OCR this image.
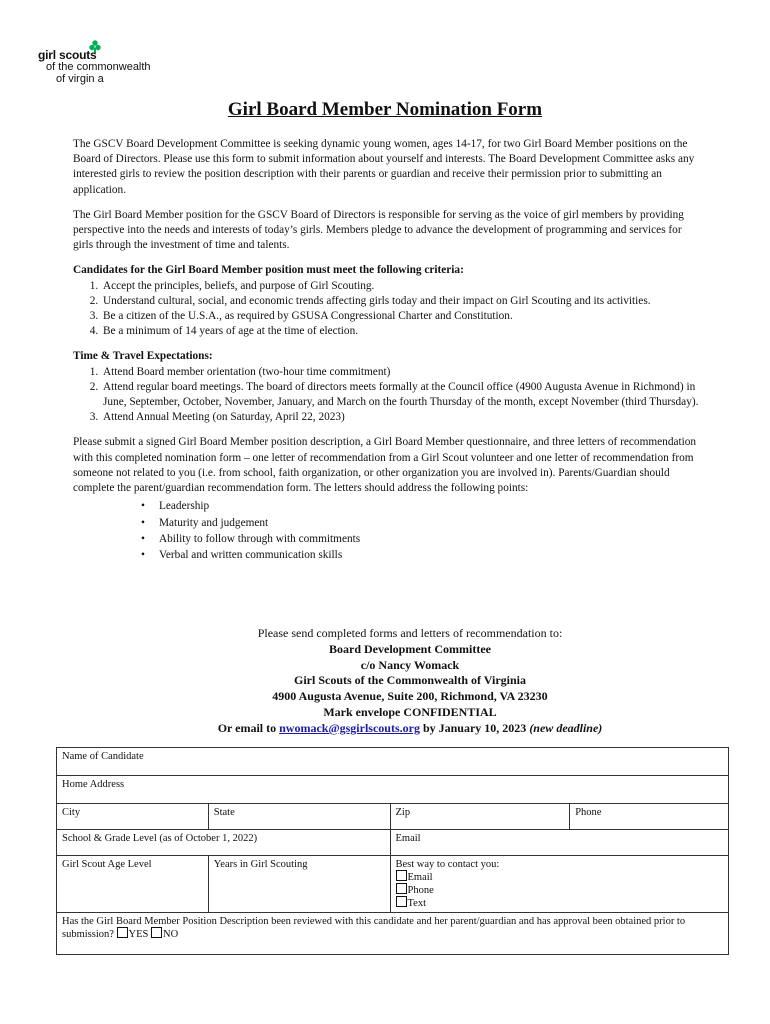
girl scouts
of the commonwealth
of virgin a
Girl Board Member Nomination Form

The GSCV Board Development Committee is seeking dynamic young women, ages 14-17, for two Girl Board Member positions on the Board of Directors. Please use this form to submit information about yourself and interests. The Board Development Committee asks any interested girls to review the position description with their parents or guardian and receive their permission prior to submitting an application.

The Girl Board Member position for the GSCV Board of Directors is responsible for serving as the voice of girl members by providing perspective into the needs and interests of today’s girls. Members pledge to advance the development of programming and services for girls through the investment of time and talents.

Candidates for the Girl Board Member position must meet the following criteria:

1. Accept the principles, beliefs, and purpose of Girl Scouting.
2. Understand cultural, social, and economic trends affecting girls today and their impact on Girl Scouting and its activities.
3. Be a citizen of the U.S.A., as required by GSUSA Congressional Charter and Constitution.
4. Be a minimum of 14 years of age at the time of election.

Time & Travel Expectations:

1. Attend Board member orientation (two-hour time commitment)
2. Attend regular board meetings. The board of directors meets formally at the Council office (4900 Augusta Avenue in Richmond) in June, September, October, November, January, and March on the fourth Thursday of the month, except November (third Thursday).
3. Attend Annual Meeting (on Saturday, April 22, 2023)

Please submit a signed Girl Board Member position description, a Girl Board Member questionnaire, and three letters of recommendation with this completed nomination form – one letter of recommendation from a Girl Scout volunteer and one letter of recommendation from someone not related to you (i.e. from school, faith organization, or other organization you are involved in). Parents/Guardian should complete the parent/guardian recommendation form. The letters should address the following points:

• Leadership
• Maturity and judgement
• Ability to follow through with commitments
• Verbal and written communication skills
Please send completed forms and letters of recommendation to:
Board Development Committee
c/o Nancy Womack
Girl Scouts of the Commonwealth of Virginia
4900 Augusta Avenue, Suite 200, Richmond, VA 23230
Mark envelope CONFIDENTIAL
Or email to nwomack@gsgirlscouts.org by January 10, 2023 (new deadline)
Name of Candidate			
Home Address			
City	State	Zip	Phone
School & Grade Level (as of October 1, 2022)		Email	
Girl Scout Age Level	Years in Girl Scouting	Best way to contact you:
Email
Phone
Text	

Has the Girl Board Member Position Description been reviewed with this candidate and her parent/guardian and has approval been obtained prior to submission? YES NO			
